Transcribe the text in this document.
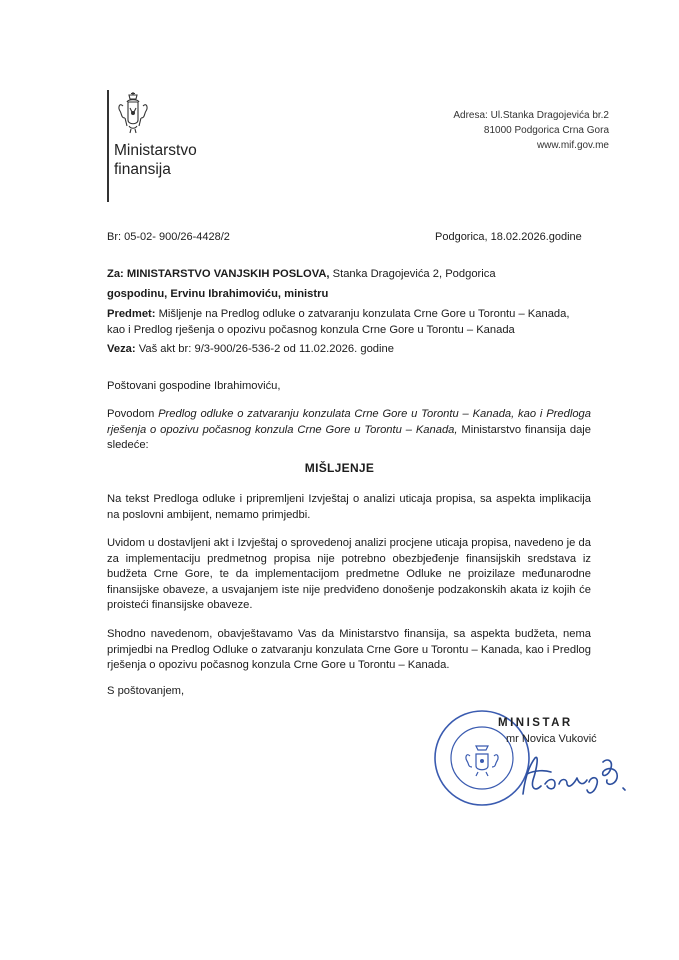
Ministarstvo
finansija
Adresa: Ul.Stanka Dragojevića br.2
81000 Podgorica Crna Gora
www.mif.gov.me
Br: 05-02- 900/26-4428/2	Podgorica, 18.02.2026.godine
Za: MINISTARSTVO VANJSKIH POSLOVA, Stanka Dragojevića 2, Podgorica
gospodinu, Ervinu Ibrahimoviću, ministru
Predmet: Mišljenje na Predlog odluke o zatvaranju konzulata Crne Gore u Torontu – Kanada,
kao i Predlog rješenja o opozivu počasnog konzula Crne Gore u Torontu – Kanada
Veza: Vaš akt br: 9/3-900/26-536-2 od 11.02.2026. godine
Poštovani gospodine Ibrahimoviću,
Povodom Predlog odluke o zatvaranju konzulata Crne Gore u Torontu – Kanada, kao i Predloga rješenja o opozivu počasnog konzula Crne Gore u Torontu – Kanada, Ministarstvo finansija daje sledeće:
MIŠLJENJE
Na tekst Predloga odluke i pripremljeni Izvještaj o analizi uticaja propisa, sa aspekta implikacija na poslovni ambijent, nemamo primjedbi.
Uvidom u dostavljeni akt i Izvještaj o sprovedenoj analizi procjene uticaja propisa, navedeno je da za implementaciju predmetnog propisa nije potrebno obezbjeđenje finansijskih sredstava iz budžeta Crne Gore, te da implementacijom predmetne Odluke ne proizilaze međunarodne finansijske obaveze, a usvajanjem iste nije predviđeno donošenje podzakonskih akata iz kojih će proisteći finansijske obaveze.
Shodno navedenom, obavještavamo Vas da Ministarstvo finansija, sa aspekta budžeta, nema primjedbi na Predlog Odluke o zatvaranju konzulata Crne Gore u Torontu – Kanada, kao i Predlog rješenja o opozivu počasnog konzula Crne Gore u Torontu – Kanada.
S poštovanjem,
MINISTAR
mr Novica Vuković
